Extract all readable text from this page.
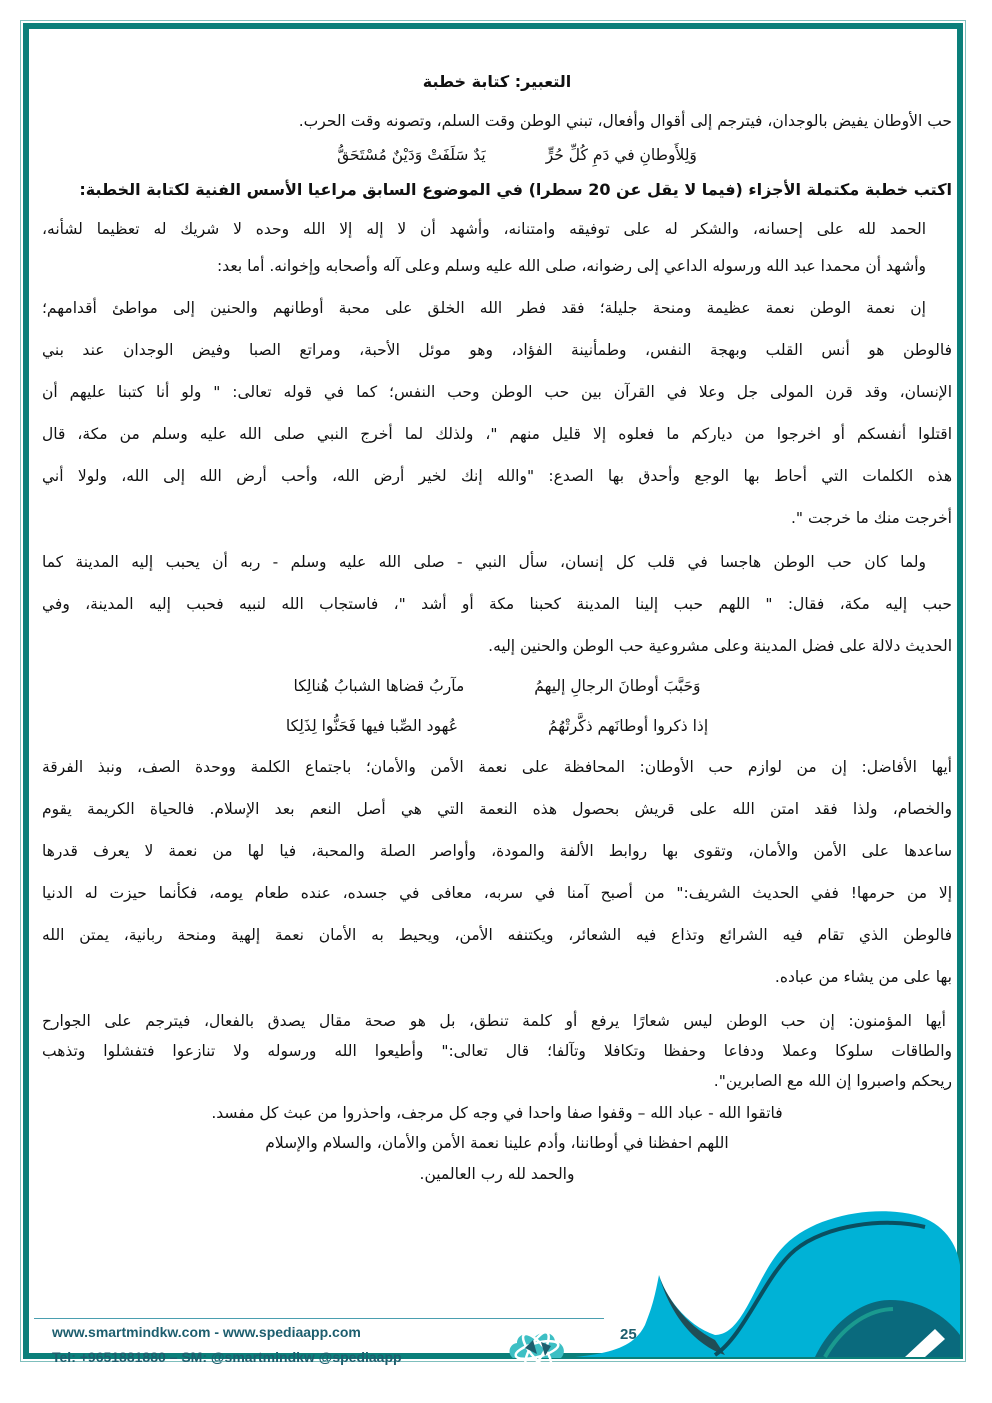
التعبير: كتابة خطبة
حب الأوطان يفيض بالوجدان، فيترجم إلى أقوال وأفعال، تبني الوطن وقت السلم، وتصونه وقت الحرب.
وَلِلأَوطانِ في دَمِ كُلِّ حُرٍّ
يَدٌ سَلَفَتْ وَدَيْنٌ مُسْتَحَقُّ
اكتب خطبة مكتملة الأجزاء (فيما لا يقل عن 20 سطرا) في الموضوع السابق مراعيا الأسس الفنية لكتابة الخطبة:
الحمد لله على إحسانه، والشكر له على توفيقه وامتنانه، وأشهد أن لا إله إلا الله وحده لا شريك له تعظيما لشأنه،
وأشهد أن محمدا عبد الله ورسوله الداعي إلى رضوانه، صلى الله عليه وسلم وعلى آله وأصحابه وإخوانه. أما بعد:
إن نعمة الوطن نعمة عظيمة ومنحة جليلة؛ فقد فطر الله الخلق على محبة أوطانهم والحنين إلى مواطئ أقدامهم؛
فالوطن هو أنس القلب وبهجة النفس، وطمأنينة الفؤاد، وهو موئل الأحبة، ومراتع الصبا وفيض الوجدان عند بني
الإنسان، وقد قرن المولى جل وعلا في القرآن بين حب الوطن وحب النفس؛ كما في قوله تعالى: " ولو أنا كتبنا عليهم أن
اقتلوا أنفسكم أو اخرجوا من دياركم ما فعلوه إلا قليل منهم "، ولذلك لما أخرج النبي صلى الله عليه وسلم من مكة، قال
هذه الكلمات التي أحاط بها الوجع وأحدق بها الصدع: "والله إنك لخير أرض الله، وأحب أرض الله إلى الله، ولولا أني
أخرجت منك ما خرجت ".
ولما كان حب الوطن هاجسا في قلب كل إنسان، سأل النبي - صلى الله عليه وسلم - ربه أن يحبب إليه المدينة كما
حبب إليه مكة، فقال: " اللهم حبب إلينا المدينة كحبنا مكة أو أشد "، فاستجاب الله لنبيه فحبب إليه المدينة، وفي
الحديث دلالة على فضل المدينة وعلى مشروعية حب الوطن والحنين إليه.
وَحَبَّبَ أوطانَ الرجالِ إليهمُ
مآربُ قضاها الشبابُ هُنالِكا
إذا ذكروا أوطانَهم ذكَّرتْهُمُ
عُهود الصِّبا فيها فَحَنُّوا لِذَلِكا
أيها الأفاضل: إن من لوازم حب الأوطان: المحافظة على نعمة الأمن والأمان؛ باجتماع الكلمة ووحدة الصف، ونبذ الفرقة
والخصام، ولذا فقد امتن الله على قريش بحصول هذه النعمة التي هي أصل النعم بعد الإسلام. فالحياة الكريمة يقوم
ساعدها على الأمن والأمان، وتقوى بها روابط الألفة والمودة، وأواصر الصلة والمحبة، فيا لها من نعمة لا يعرف قدرها
إلا من حرمها! ففي الحديث الشريف:" من أصبح آمنا في سربه، معافى في جسده، عنده طعام يومه، فكأنما حيزت له الدنيا
فالوطن الذي تقام فيه الشرائع وتذاع فيه الشعائر، ويكتنفه الأمن، ويحيط به الأمان نعمة إلهية ومنحة ربانية، يمتن الله
بها على من يشاء من عباده.
أيها المؤمنون: إن حب الوطن ليس شعارًا يرفع أو كلمة تنطق، بل هو صحة مقال يصدق بالفعال، فيترجم على الجوارح
والطاقات سلوكا وعملا ودفاعا وحفظا وتكافلا وتآلفا؛ قال تعالى:" وأطيعوا الله ورسوله ولا تنازعوا فتفشلوا وتذهب
ريحكم واصبروا إن الله مع الصابرين".
فاتقوا الله - عباد الله – وقفوا صفا واحدا في وجه كل مرجف، واحذروا من عبث كل مفسد.
اللهم احفظنا في أوطاننا، وأدم علينا نعمة الأمن والأمان، والسلام والإسلام
والحمد لله رب العالمين.
www.smartmindkw.com - www.spediaapp.com
Tel: +9651881880 – SM: @smartmindkw @spediaapp
25
